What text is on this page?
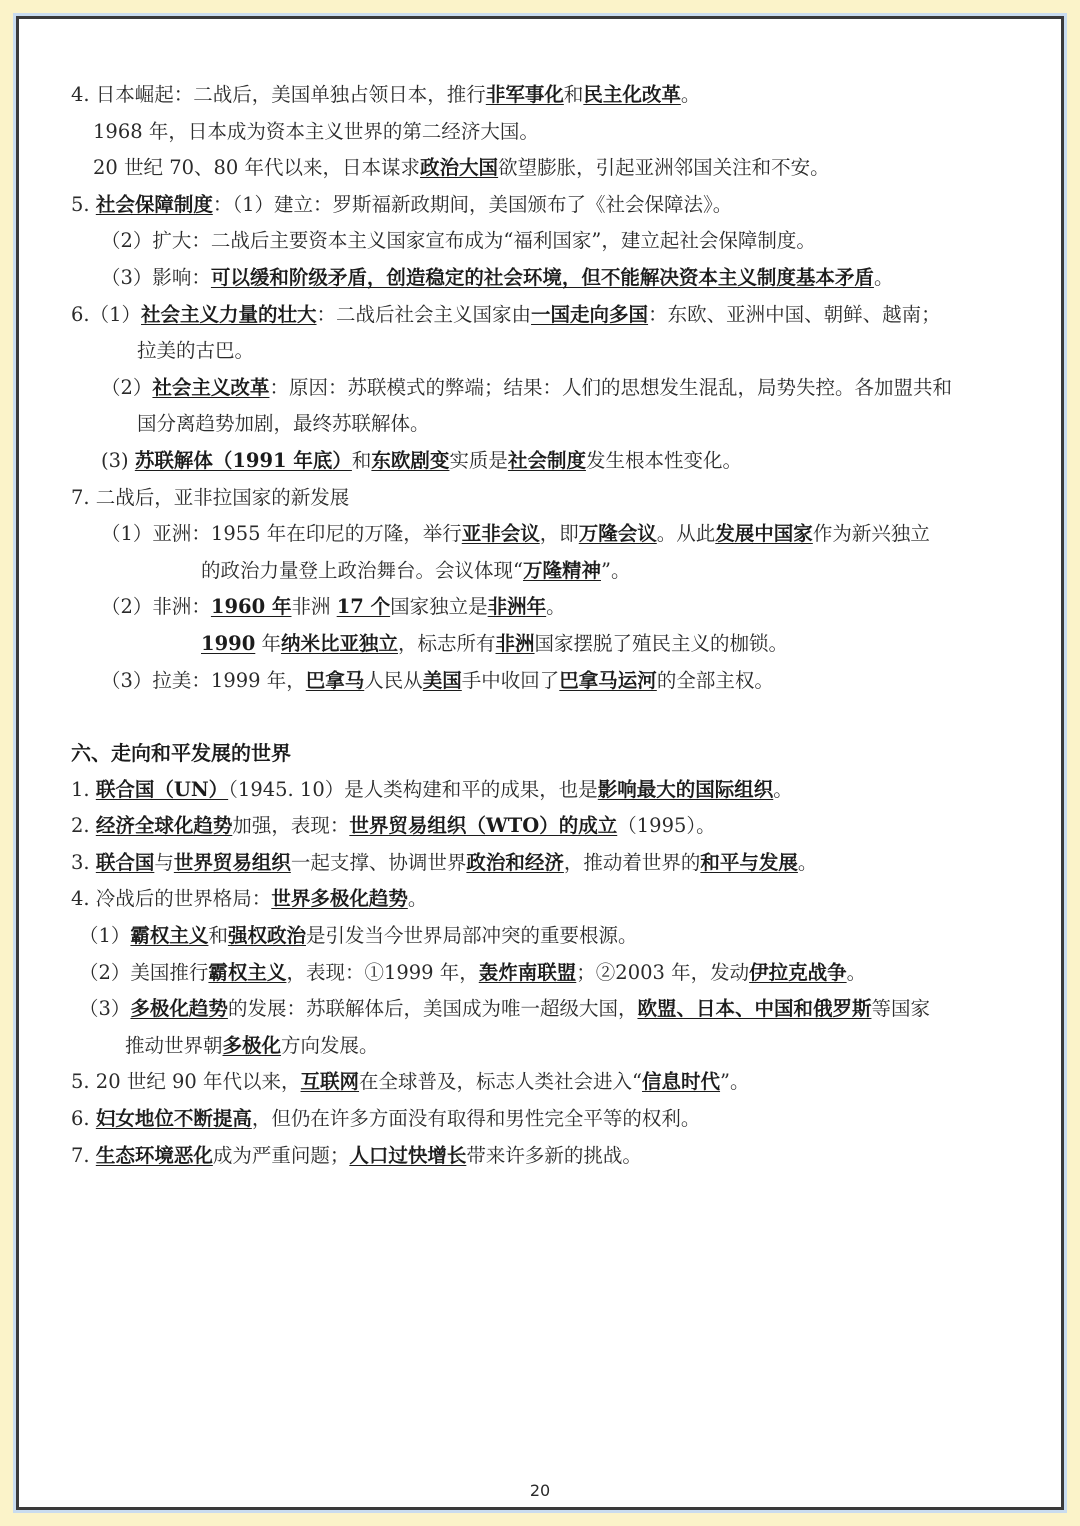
4. 日本崛起：二战后，美国单独占领日本，推行非军事化和民主化改革。
1968 年，日本成为资本主义世界的第二经济大国。
20 世纪 70、80 年代以来，日本谋求政治大国欲望膨胀，引起亚洲邻国关注和不安。
5. 社会保障制度：（1）建立：罗斯福新政期间，美国颁布了《社会保障法》。
（2）扩大：二战后主要资本主义国家宣布成为“福利国家”，建立起社会保障制度。
（3）影响：可以缓和阶级矛盾，创造稳定的社会环境，但不能解决资本主义制度基本矛盾。
6.（1）社会主义力量的壮大：二战后社会主义国家由一国走向多国：东欧、亚洲中国、朝鲜、越南；
拉美的古巴。
（2）社会主义改革：原因：苏联模式的弊端；结果：人们的思想发生混乱，局势失控。各加盟共和
国分离趋势加剧，最终苏联解体。
(3) 苏联解体（1991 年底）和东欧剧变实质是社会制度发生根本性变化。
7. 二战后，亚非拉国家的新发展
（1）亚洲：1955 年在印尼的万隆，举行亚非会议，即万隆会议。从此发展中国家作为新兴独立
的政治力量登上政治舞台。会议体现“万隆精神”。
（2）非洲：1960 年非洲 17 个国家独立是非洲年。
1990 年纳米比亚独立，标志所有非洲国家摆脱了殖民主义的枷锁。
（3）拉美：1999 年，巴拿马人民从美国手中收回了巴拿马运河的全部主权。
六、走向和平发展的世界
1. 联合国（UN）（1945. 10）是人类构建和平的成果，也是影响最大的国际组织。
2. 经济全球化趋势加强，表现：世界贸易组织（WTO）的成立（1995）。
3. 联合国与世界贸易组织一起支撑、协调世界政治和经济，推动着世界的和平与发展。
4. 冷战后的世界格局：世界多极化趋势。
（1）霸权主义和强权政治是引发当今世界局部冲突的重要根源。
（2）美国推行霸权主义，表现：①1999 年，轰炸南联盟；②2003 年，发动伊拉克战争。
（3）多极化趋势的发展：苏联解体后，美国成为唯一超级大国，欧盟、日本、中国和俄罗斯等国家
推动世界朝多极化方向发展。
5. 20 世纪 90 年代以来，互联网在全球普及，标志人类社会进入“信息时代”。
6. 妇女地位不断提高，但仍在许多方面没有取得和男性完全平等的权利。
7. 生态环境恶化成为严重问题；人口过快增长带来许多新的挑战。
20
